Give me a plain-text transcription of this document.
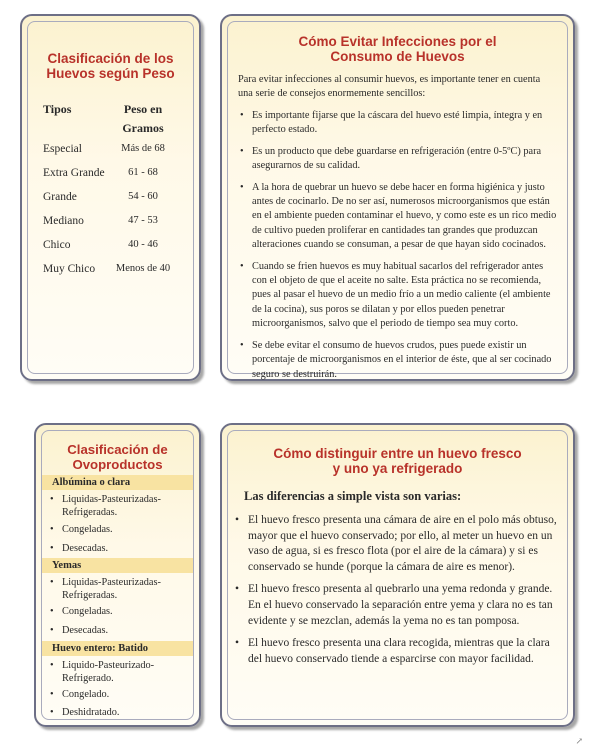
Clasificación de los
Huevos según Peso
Tipos	Peso en
Gramos
Especial	Más de 68
Extra Grande	61 - 68
Grande	54 - 60
Mediano	47 - 53
Chico	40 - 46
Muy Chico	Menos de 40
Cómo Evitar Infecciones por el
Consumo de Huevos
Para evitar infecciones al consumir huevos, es importante tener en cuenta una serie de consejos enormemente sencillos:
• Es importante fijarse que la cáscara del huevo esté limpia, íntegra y en perfecto estado.
• Es un producto que debe guardarse en refrigeración (entre 0-5ºC) para asegurarnos de su calidad.
• A la hora de quebrar un huevo se debe hacer en forma higiénica y justo antes de cocinarlo. De no ser así, numerosos microorganismos que están en el ambiente pueden contaminar el huevo, y como este es un rico medio de cultivo pueden proliferar en cantidades tan grandes que produzcan alteraciones cuando se consuman, a pesar de que hayan sido cocinados.
• Cuando se frien huevos es muy habitual sacarlos del refrigerador antes con el objeto de que el aceite no salte. Esta práctica no se recomienda, pues al pasar el huevo de un medio frío a un medio caliente (el ambiente de la cocina), sus poros se dilatan y por ellos pueden penetrar microorganismos, salvo que el periodo de tiempo sea muy corto.
• Se debe evitar el consumo de huevos crudos, pues puede existir un porcentaje de microorganismos en el interior de éste, que al ser cocinado seguro se destruirán.
Clasificación de
Ovoproductos
Albúmina o clara
• Liquidas-Pasteurizadas-Refrigeradas.
• Congeladas.
• Desecadas.
Yemas
• Liquidas-Pasteurizadas-Refrigeradas.
• Congeladas.
• Desecadas.
Huevo entero: Batido
• Liquido-Pasteurizado-Refrigerado.
• Congelado.
• Deshidratado.
Cómo distinguir entre un huevo fresco
y uno ya refrigerado
Las diferencias a simple vista son varias:
• El huevo fresco presenta una cámara de aire en el polo más obtuso, mayor que el huevo conservado; por ello, al meter un huevo en un vaso de agua, si es fresco flota (por el aire de la cámara) y si es conservado se hunde (porque la cámara de aire es menor).
• El huevo fresco presenta al quebrarlo una yema redonda y grande. En el huevo conservado la separación entre yema y clara no es tan evidente y se mezclan, además la yema no es tan pomposa.
• El huevo fresco presenta una clara recogida, mientras que la clara del huevo conservado tiende a esparcirse con mayor facilidad.
↗
